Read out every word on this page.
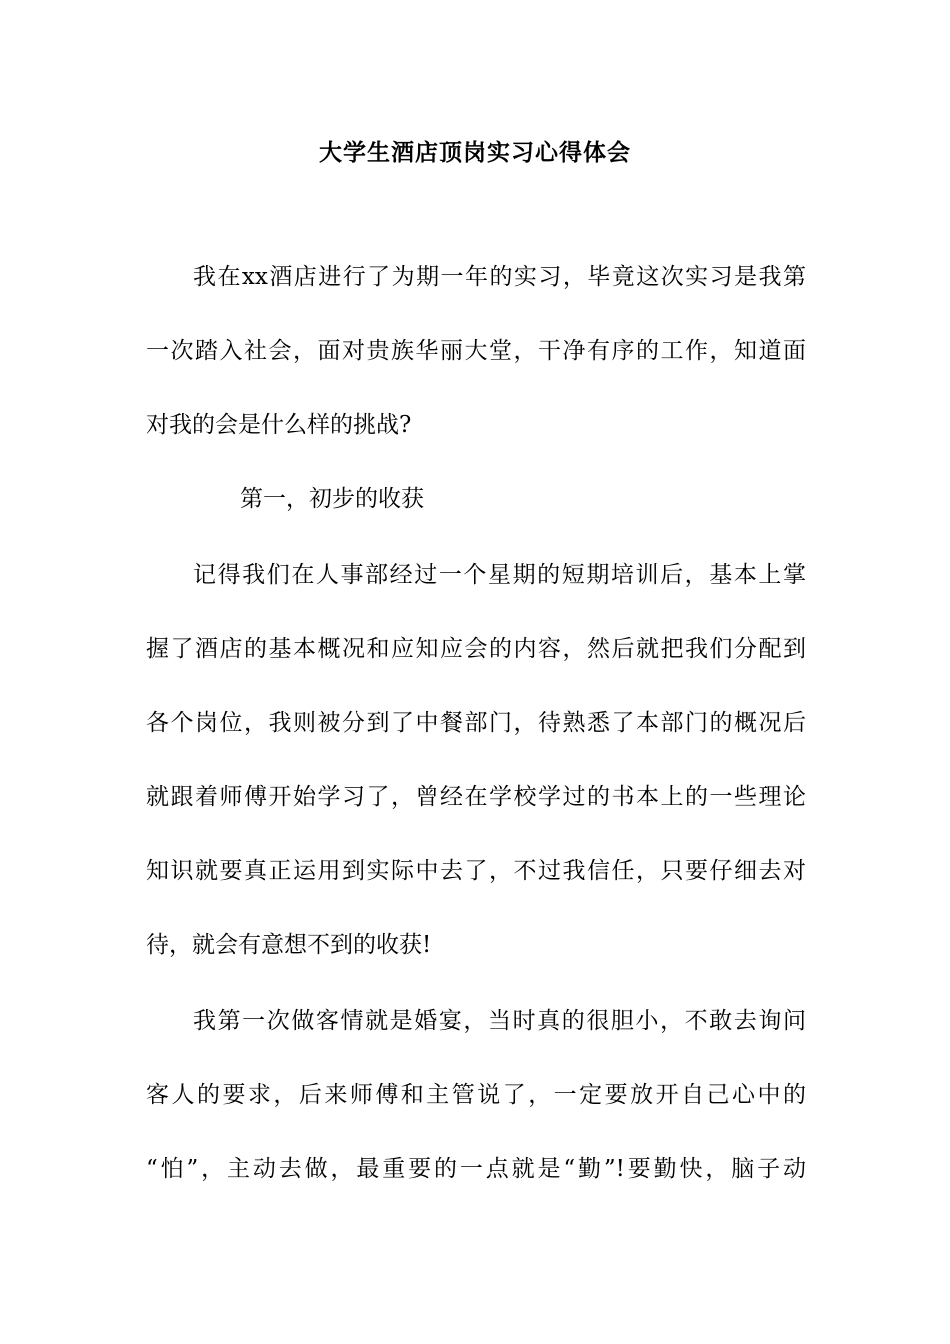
大学生酒店顶岗实习心得体会
我在xx酒店进行了为期一年的实习，毕竟这次实习是我第
一次踏入社会，面对贵族华丽大堂，干净有序的工作，知道面
对我的会是什么样的挑战?
第一，初步的收获
记得我们在人事部经过一个星期的短期培训后，基本上掌
握了酒店的基本概况和应知应会的内容，然后就把我们分配到
各个岗位，我则被分到了中餐部门，待熟悉了本部门的概况后
就跟着师傅开始学习了，曾经在学校学过的书本上的一些理论
知识就要真正运用到实际中去了，不过我信任，只要仔细去对
待，就会有意想不到的收获!
我第一次做客情就是婚宴，当时真的很胆小，不敢去询问
客人的要求，后来师傅和主管说了，一定要放开自己心中的
“怕”，主动去做，最重要的一点就是“勤”!要勤快，脑子动
